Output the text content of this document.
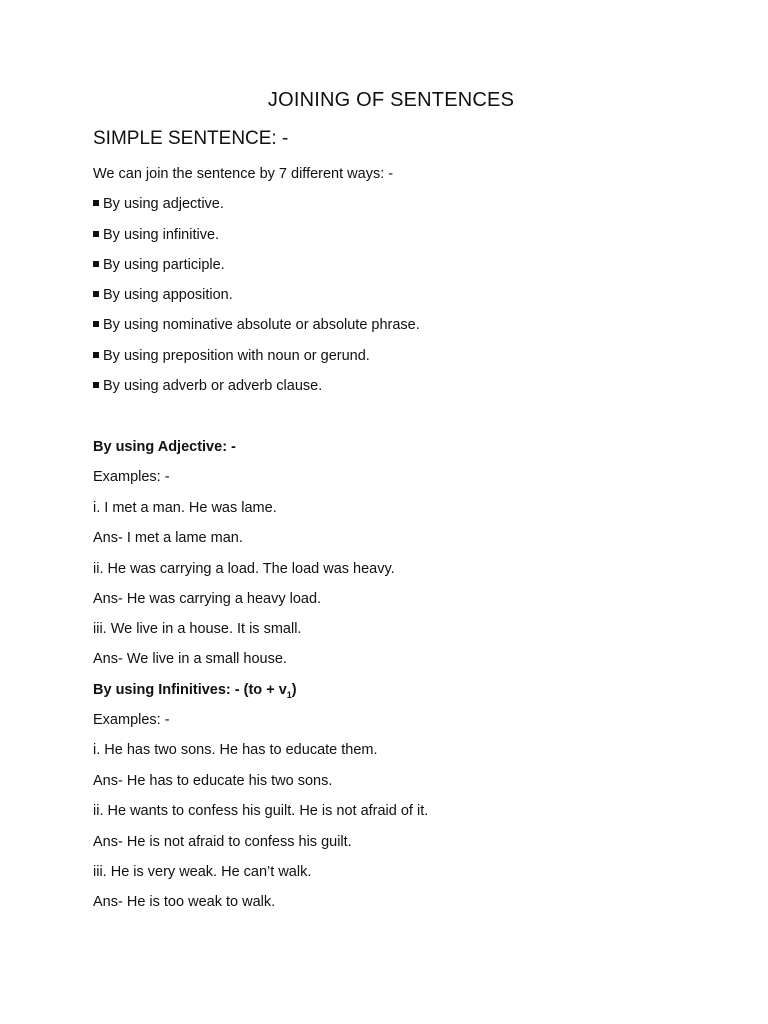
JOINING OF SENTENCES
SIMPLE SENTENCE: -
We can join the sentence by 7 different ways: -
By using adjective.
By using infinitive.
By using participle.
By using apposition.
By using nominative absolute or absolute phrase.
By using preposition with noun or gerund.
By using adverb or adverb clause.
By using Adjective: -
Examples: -
i. I met a man. He was lame.
Ans- I met a lame man.
ii. He was carrying a load. The load was heavy.
Ans- He was carrying a heavy load.
iii. We live in a house. It is small.
Ans- We live in a small house.
By using Infinitives: - $(to + v_1)$
Examples: -
i. He has two sons. He has to educate them.
Ans- He has to educate his two sons.
ii. He wants to confess his guilt. He is not afraid of it.
Ans- He is not afraid to confess his guilt.
iii. He is very weak. He can’t walk.
Ans- He is too weak to walk.
